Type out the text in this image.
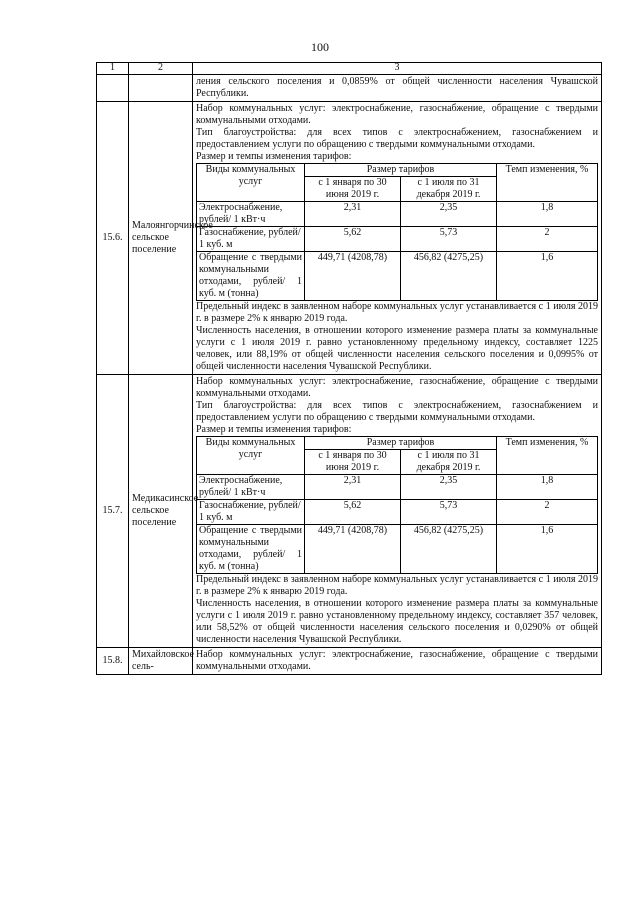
100
1	2	3
		ления сельского поселения и 0,0859% от общей численности населения Чувашской Республики.
15.6.	Малоянгорчинское сельское поселение	

Набор коммунальных услуг: электроснабжение, газоснабжение, обращение с твердыми коммунальными отходами.

Тип благоустройства: для всех типов с электроснабжением, газоснабжением и предоставлением услуги по обращению с твердыми коммунальными отходами.

Размер и темпы изменения тарифов:

Виды коммунальных услуг	Размер тарифов	Темп изменения, %
с 1 января по 30 июня 2019 г.	с 1 июля по 31 декабря 2019 г.
Электроснабжение, рублей/ 1 кВт·ч	2,31	2,35	1,8
Газоснабжение, рублей/ 1 куб. м	5,62	5,73	2
Обращение с твердыми коммунальными отходами, рублей/ 1 куб. м (тонна)	449,71 (4208,78)	456,82 (4275,25)	1,6

Предельный индекс в заявленном наборе коммунальных услуг устанавливается с 1 июля 2019 г. в размере 2% к январю 2019 года.

Численность населения, в отношении которого изменение размера платы за коммунальные услуги с 1 июля 2019 г. равно установленному предельному индексу, составляет 1225 человек, или 88,19% от общей численности населения сельского поселения и 0,0995% от общей численности населения Чувашской Республики.

15.7.	Медикасинское сельское поселение	

Набор коммунальных услуг: электроснабжение, газоснабжение, обращение с твердыми коммунальными отходами.

Тип благоустройства: для всех типов с электроснабжением, газоснабжением и предоставлением услуги по обращению с твердыми коммунальными отходами.

Размер и темпы изменения тарифов:

Виды коммунальных услуг	Размер тарифов	Темп изменения, %
с 1 января по 30 июня 2019 г.	с 1 июля по 31 декабря 2019 г.
Электроснабжение, рублей/ 1 кВт·ч	2,31	2,35	1,8
Газоснабжение, рублей/ 1 куб. м	5,62	5,73	2
Обращение с твердыми коммунальными отходами, рублей/ 1 куб. м (тонна)	449,71 (4208,78)	456,82 (4275,25)	1,6

Предельный индекс в заявленном наборе коммунальных услуг устанавливается с 1 июля 2019 г. в размере 2% к январю 2019 года.

Численность населения, в отношении которого изменение размера платы за коммунальные услуги с 1 июля 2019 г. равно установленному предельному индексу, составляет 357 человек, или 58,52% от общей численности населения сельского поселения и 0,0290% от общей численности населения Чувашской Республики.

15.8.	Михайловское сель-	Набор коммунальных услуг: электроснабжение, газоснабжение, обращение с твердыми коммунальными отходами.
